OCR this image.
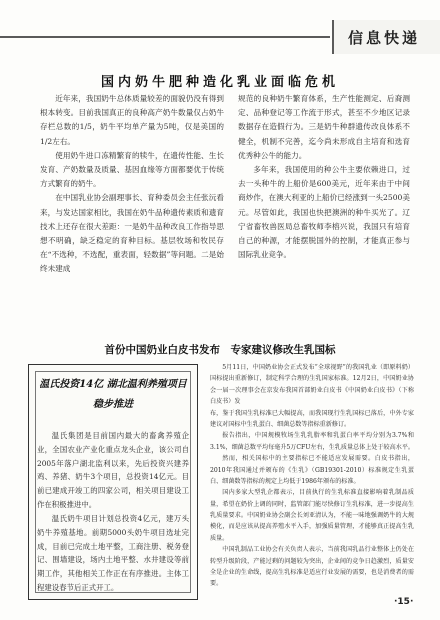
信息快递
国内奶牛肥种造化乳业面临危机

近年来，我国奶牛总体质量较差的面貌仍没有得到根本转变。目前我国真正的良种高产奶牛数量仅占奶牛存栏总数的1/5，奶牛平均单产量为5吨，仅是美国的1/2左右。

使用奶牛进口冻精繁育的犊牛，在遗传性能、生长发育、产奶数量及质量、基因血缘等方面都要优于传统方式繁育的奶牛。

在中国乳业协会副理事长、育种委员会主任张沅看来，与发达国家相比，我国在奶牛品种遗传素质和遗育技术上还存在很大差距：一是奶牛品种改良工作指导思想不明确，缺乏稳定的育种目标。基层牧场和牧民存在“不选种，不选配，重表面，轻数据”等问题。二是始终未建成

规范的良种奶牛繁育体系，生产性能测定、后裔测定、品种登记等工作流于形式，甚至不少地区记录数据存在造假行为。三是奶牛种群遗传改良体系不健全，机制不完善，迄今尚未形成自主培育和选育优秀种公牛的能力。

多年来，我国使用的种公牛主要依赖进口，过去一头种牛的上船价是600美元，近年来由于中间商炒作，在澳大利亚的上船价已经涨到一头2500美元。尽管如此，我国也快把澳洲的种牛买光了。辽宁省畜牧兽医局总畜牧师李榕兴说，我国只有培育自己的种源，才能摆脱国外的控制，才能真正参与国际乳业竞争。

首份中国奶业白皮书发布　专家建议修改生乳国标
温氏投资14亿 湖北温利养殖项目稳步推进

温氏集团是目前国内最大的畜禽养殖企业，全国农业产业化重点龙头企业，该公司自2005年落户湖北监利以来，先后投资兴建养鸡、养猪、奶牛3个项目，总投资14亿元。目前已建成开竣工的四家公司，相关项目建设工作在积极推进中。

温氏奶牛项目计划总投资4亿元，建万头奶牛养殖基地。前期5000头奶牛项目选址完成，目前已完成土地平整，工商注册、税务登记、围墙建设，场内土地平整、水井建设等前期工作，其他相关工作正在有序推进。主体工程建设春节后正式开工。

5月11日，中国奶业协会正式发布“全球视野”的我国乳业（即原料奶）国标提出重新修订，制定科学合理的生乳国家标准。12月2日，中国奶业协会一届一次理事会在京发布我国首部奶业白皮书《中国奶业白皮书》（下称白皮书）发

布，鉴于我国生乳标准已大幅提高，而我国现行生乳国标已落后，中外专家建议对国标中生乳蛋白、细菌总数等指标重新修订。

报告指出，中国规模牧场生乳乳脂率和乳蛋白率平均分别为3.7%和3.1%，细菌总数平均每毫升5万CFU左右，生乳质量总体上处于较高水平。

然而，相关国标中的主要指标已不能适应发展需要。白皮书指出，2010年我国通过并颁布的《生乳》（GB19301-2010）标准规定生乳蛋白、细菌数等指标的规定上均低于1986年颁布的标准。

国内多家大型乳企都表示，目前执行的生乳标准直接影响着乳制品质量，希望在奶价上调的同时，监管部门能尽快修订生乳标准，进一步提高生乳质量要求。中国奶业协会副会长刘亚清认为，不能一味地强调奶牛的大规模化，而是应该从提高养殖水平入手，加强质量管理，才能够真正提高生乳质量。

中国乳制品工业协会有关负责人表示，当前我国乳品行业整体上仍处在转型升级阶段，产能过剩的问题较为突出，企业间的竞争日趋激烈，质量安全是企业的生命线，提高生乳标准是适应行业发展的需要，也是消费者的需要。

·15·
